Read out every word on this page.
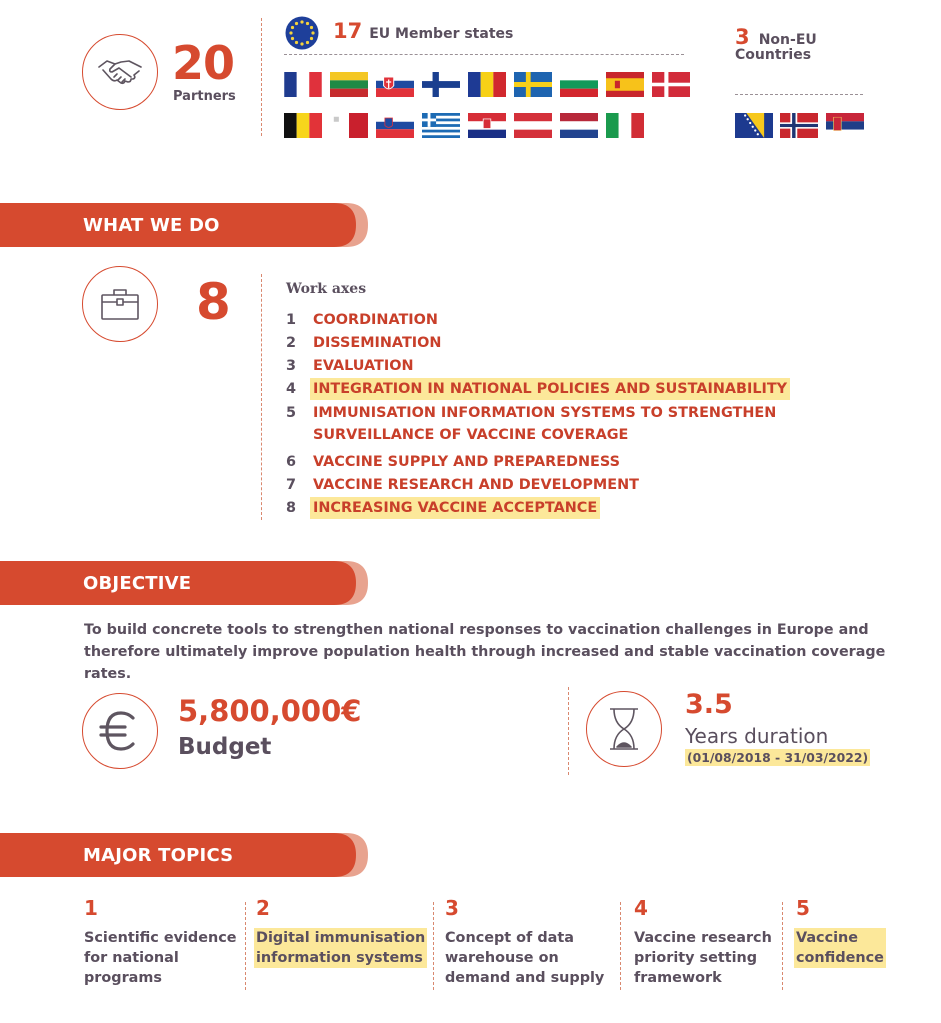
20
Partners
17 EU Member states	3 Non-EU
Countries
WHAT WE DO
8	Work axes
1	COORDINATION
2	DISSEMINATION
3	EVALUATION
4	INTEGRATION IN NATIONAL POLICIES AND SUSTAINABILITY
5	IMMUNISATION INFORMATION SYSTEMS TO STRENGTHEN
SURVEILLANCE OF VACCINE COVERAGE
6	VACCINE SUPPLY AND PREPAREDNESS
7	VACCINE RESEARCH AND DEVELOPMENT
8	INCREASING VACCINE ACCEPTANCE
OBJECTIVE
To build concrete tools to strengthen national responses to vaccination challenges in Europe and therefore ultimately improve population health through increased and stable vaccination coverage rates.
5,800,000€
Budget
3.5
Years duration
(01/08/2018 - 31/03/2022)
MAJOR TOPICS
1
Scientific evidence
for national
programs
2
Digital immunisation
information systems
3
Concept of data
warehouse on
demand and supply
4
Vaccine research
priority setting
framework
5
Vaccine
confidence
